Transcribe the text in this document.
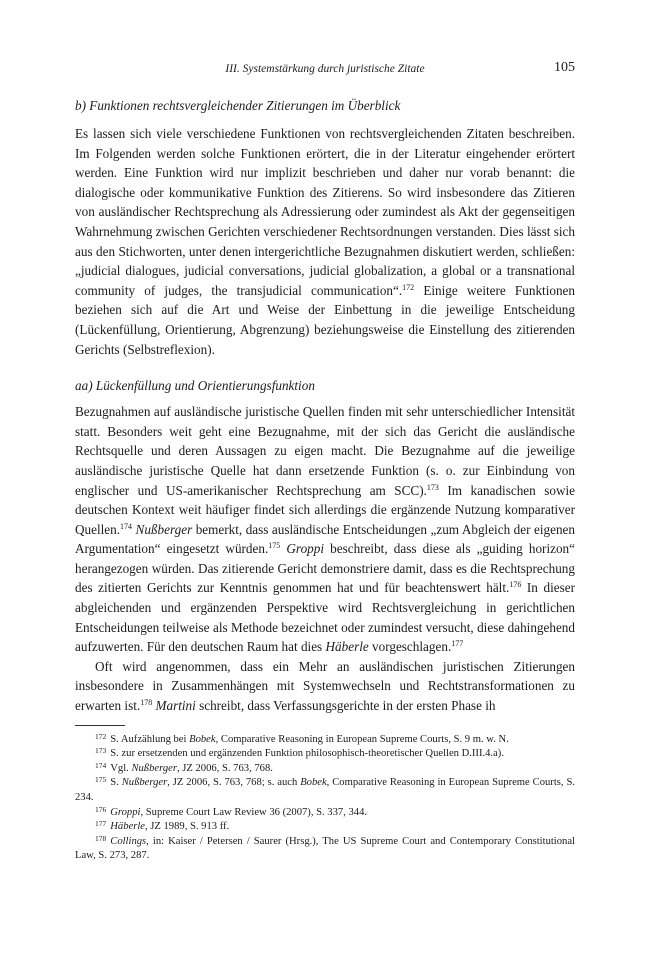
III. Systemstärkung durch juristische Zitate	105
b) Funktionen rechtsvergleichender Zitierungen im Überblick

Es lassen sich viele verschiedene Funktionen von rechtsvergleichenden Zitaten beschreiben. Im Folgenden werden solche Funktionen erörtert, die in der Literatur eingehender erörtert werden. Eine Funktion wird nur implizit beschrieben und daher nur vorab benannt: die dialogische oder kommunikative Funktion des Zitierens. So wird insbesondere das Zitieren von ausländischer Rechtsprechung als Adressierung oder zumindest als Akt der gegenseitigen Wahrnehmung zwischen Gerichten verschiedener Rechtsordnungen verstanden. Dies lässt sich aus den Stichworten, unter denen intergerichtliche Bezugnahmen diskutiert werden, schließen: „judicial dialogues, judicial conversations, judicial globalization, a global or a transnational community of judges, the transjudicial communication“.$^{172}$ Einige weitere Funktionen beziehen sich auf die Art und Weise der Einbettung in die jeweilige Entscheidung (Lückenfüllung, Orientierung, Abgrenzung) beziehungsweise die Einstellung des zitierenden Gerichts (Selbstreflexion).

aa) Lückenfüllung und Orientierungsfunktion

Bezugnahmen auf ausländische juristische Quellen finden mit sehr unterschiedlicher Intensität statt. Besonders weit geht eine Bezugnahme, mit der sich das Gericht die ausländische Rechtsquelle und deren Aussagen zu eigen macht. Die Bezugnahme auf die jeweilige ausländische juristische Quelle hat dann ersetzende Funktion (s. o. zur Einbindung von englischer und US-amerikanischer Rechtsprechung am SCC).$^{173}$ Im kanadischen sowie deutschen Kontext weit häufiger findet sich allerdings die ergänzende Nutzung komparativer Quellen.$^{174}$ Nußberger bemerkt, dass ausländische Entscheidungen „zum Abgleich der eigenen Argumentation“ eingesetzt würden.$^{175}$ Groppi beschreibt, dass diese als „guiding horizon“ herangezogen würden. Das zitierende Gericht demonstriere damit, dass es die Rechtsprechung des zitierten Gerichts zur Kenntnis genommen hat und für beachtenswert hält.$^{176}$ In dieser abgleichenden und ergänzenden Perspektive wird Rechtsvergleichung in gerichtlichen Entscheidungen teilweise als Methode bezeichnet oder zumindest versucht, diese dahingehend aufzuwerten. Für den deutschen Raum hat dies Häberle vorgeschlagen.$^{177}$

Oft wird angenommen, dass ein Mehr an ausländischen juristischen Zitierungen insbesondere in Zusammenhängen mit Systemwechseln und Rechtstransformationen zu erwarten ist.$^{178}$ Martini schreibt, dass Verfassungsgerichte in der ersten Phase ih

$^{172}$ S. Aufzählung bei Bobek, Comparative Reasoning in European Supreme Courts, S. 9 m. w. N.

$^{173}$ S. zur ersetzenden und ergänzenden Funktion philosophisch-theoretischer Quellen D.III.4.a).

$^{174}$ Vgl. Nußberger, JZ 2006, S. 763, 768.

$^{175}$ S. Nußberger, JZ 2006, S. 763, 768; s. auch Bobek, Comparative Reasoning in European Supreme Courts, S. 234.

$^{176}$ Groppi, Supreme Court Law Review 36 (2007), S. 337, 344.

$^{177}$ Häberle, JZ 1989, S. 913 ff.

$^{178}$ Collings, in: Kaiser / Petersen / Saurer (Hrsg.), The US Supreme Court and Contemporary Constitutional Law, S. 273, 287.
